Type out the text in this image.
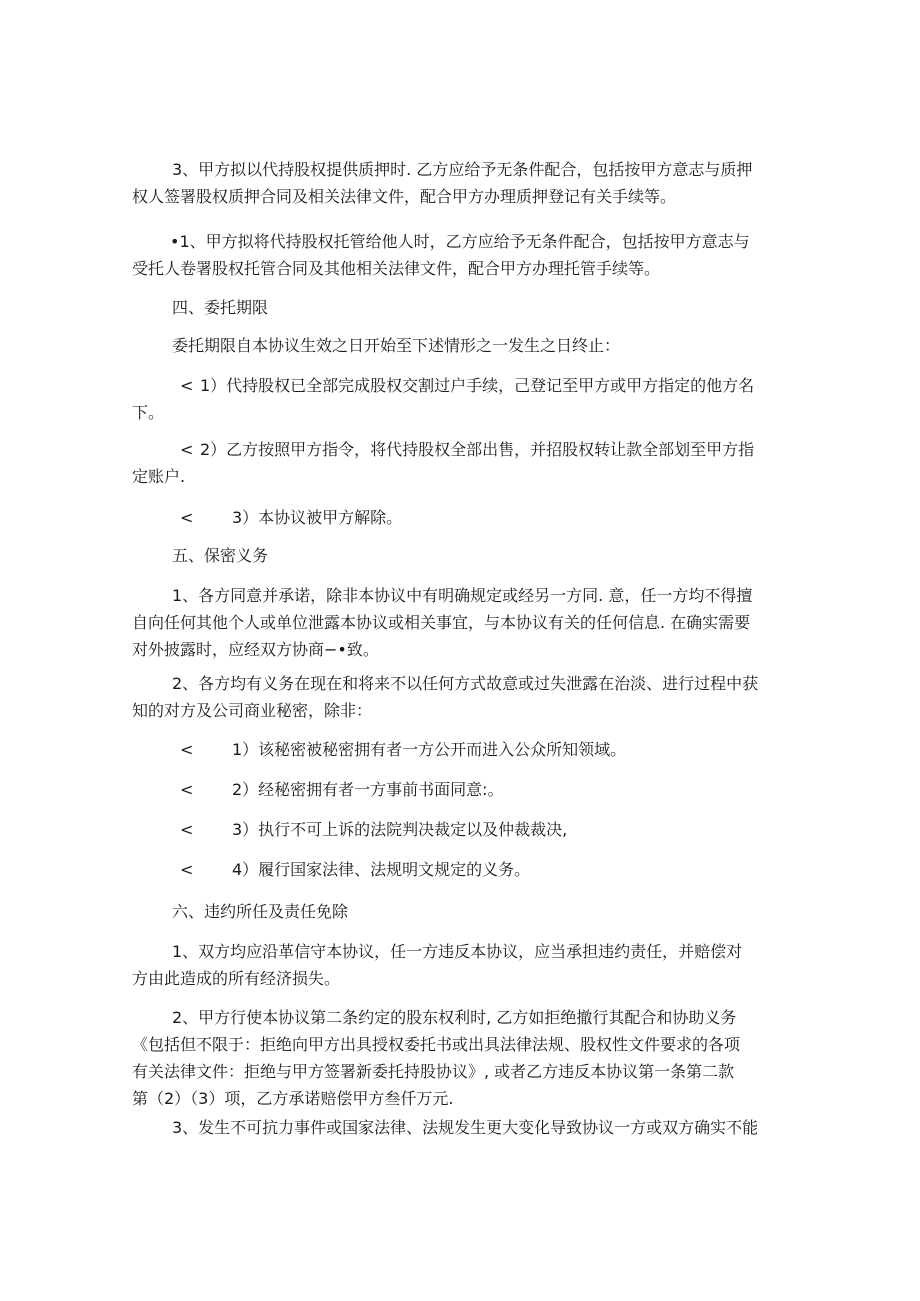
3、甲方拟以代持股权提供质押时. 乙方应给予无条件配合，包括按甲方意志与质押
权人签署股权质押合同及相关法律文件，配合甲方办理质押登记有关手续等。
•1、甲方拟将代持股权托管给他人时，乙方应给予无条件配合，包括按甲方意志与
受托人卷署股权托管合同及其他相关法律文件，配合甲方办理托管手续等。
四、委托期限
委托期限自本协议生效之日开始至下述情形之一发生之日终止：
< 1）代持股权已全部完成股权交割过户手续，己登记至甲方或甲方指定的他方名
下。
< 2）乙方按照甲方指令，将代持股权全部出售，并招股权转让款全部划至甲方指
定账户.
<	3）本协议被甲方解除。
五、保密义务
1、各方同意并承诺，除非本协议中有明确规定或经另一方同. 意，任一方均不得擅
自向任何其他个人或单位泄露本协议或相关事宜，与本协议有关的任何信息. 在确实需要
对外披露时，应经双方协商−•致。
2、各方均有义务在现在和将来不以任何方式故意或过失泄露在治淡、进行过程中获
知的对方及公司商业秘密，除非：
<	1）该秘密被秘密拥有者一方公开而进入公众所知领域。
<	2）经秘密拥有者一方事前书面同意:。
<	3）执行不可上诉的法院判决裁定以及仲裁裁决,
<	4）履行国家法律、法规明文规定的义务。
六、违约所任及责任免除
1、双方均应沿革信守本协议，任一方违反本协议，应当承担违约责任，并赔偿对
方由此造成的所有经济损失。
2、甲方行使本协议第二条约定的股东权利时, 乙方如拒绝撤行其配合和协助义务
《包括但不限于：拒绝向甲方出具授权委托书或出具法律法规、股权性文件要求的各项
有关法律文件：拒绝与甲方签署新委托持股协议》, 或者乙方违反本协议第一条第二款
第（2）（3）项，乙方承诺赔偿甲方叁仟万元.
3、发生不可抗力事件或国家法律、法规发生更大变化导致协议一方或双方确实不能
